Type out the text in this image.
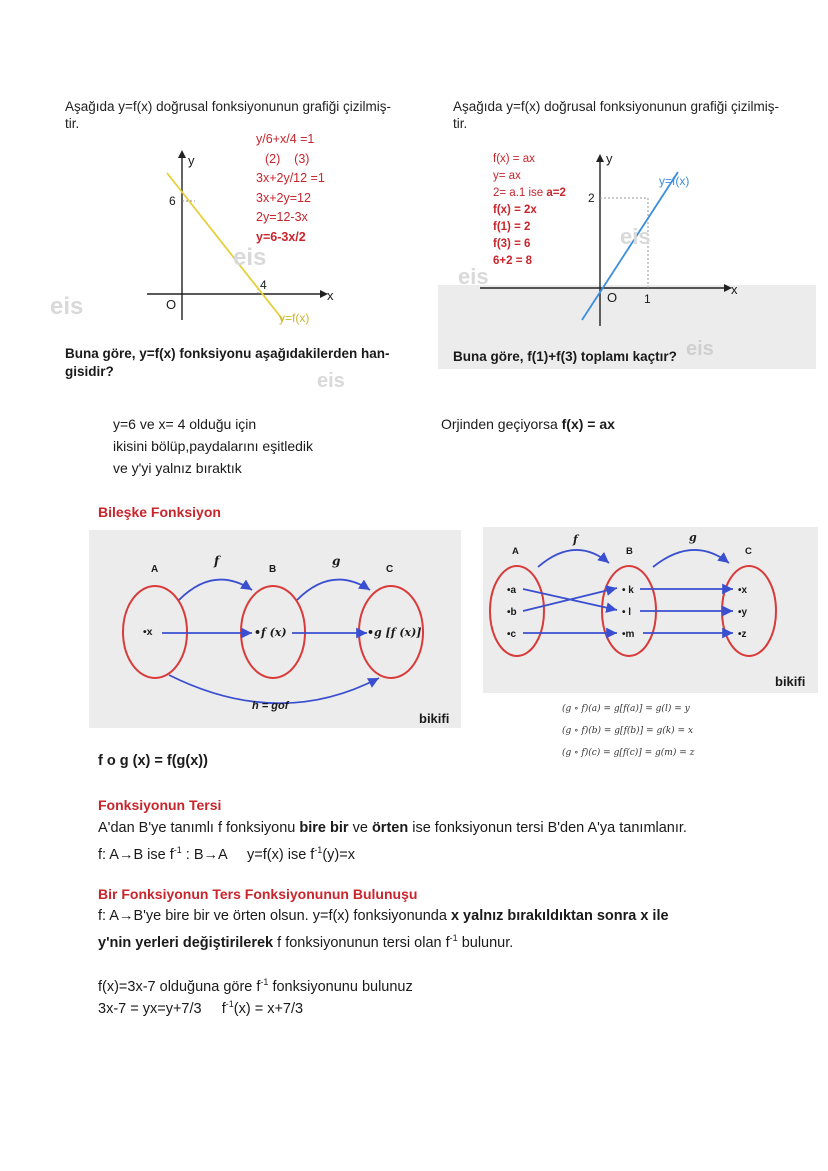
Aşağıda y=f(x) doğrusal fonksiyonunun grafiği çizilmiş-
tir.
y
x
O
6
4
y=f(x)
y/6+x/4 =1
(2)    (3)
3x+2y/12 =1
3x+2y=12
2y=12-3x
y=6-3x/2
eis
eis
Buna göre, y=f(x) fonksiyonu aşağıdakilerden han-
gisidir?	eis
Aşağıda y=f(x) doğrusal fonksiyonunun grafiği çizilmiş-
tir.
y
x
O
2
1
y=f(x)
f(x) = ax
y= ax
2= a.1 ise a=2
f(x) = 2x
f(1) = 2
f(3) = 6
6+2 = 8
eis
eis
eis
Buna göre, f(1)+f(3) toplamı kaçtır?
y=6 ve x= 4 olduğu için
ikisini bölüp,paydalarını eşitledik
ve y'yi yalnız bıraktık
Orjinden geçiyorsa f(x) = ax
Bileşke Fonksiyon
A	B	C
f	g
•x	•f (x)	•g [f (x)]
h = gof
bikifi
A	B	C
f	g
•a
•b
•c
• k
• l
•m
•x
•y
•z
bikifi
(g ∘ f)(a) = g[f(a)] = g(l) = y
(g ∘ f)(b) = g[f(b)] = g(k) = x
(g ∘ f)(c) = g[f(c)] = g(m) = z
f o g (x) = f(g(x))
Fonksiyonun Tersi
A'dan B'ye tanımlı f fonksiyonu bire bir ve örten ise fonksiyonun tersi B'den A'ya tanımlanır.
f: A→B ise $f^{-1}$ : B→A     y=f(x) ise $f^{-1}(y)=x$
Bir Fonksiyonun Ters Fonksiyonunun Bulunuşu
f: A→B'ye bire bir ve örten olsun. y=f(x) fonksiyonunda x yalnız bırakıldıktan sonra x ile
y'nin yerleri değiştirilerek f fonksiyonunun tersi olan $f^{-1}$ bulunur.
f(x)=3x-7 olduğuna göre $f^{-1}$ fonksiyonunu bulunuz
3x-7 = yx=y+7/3     $f^{-1}(x) = x+7/3$
